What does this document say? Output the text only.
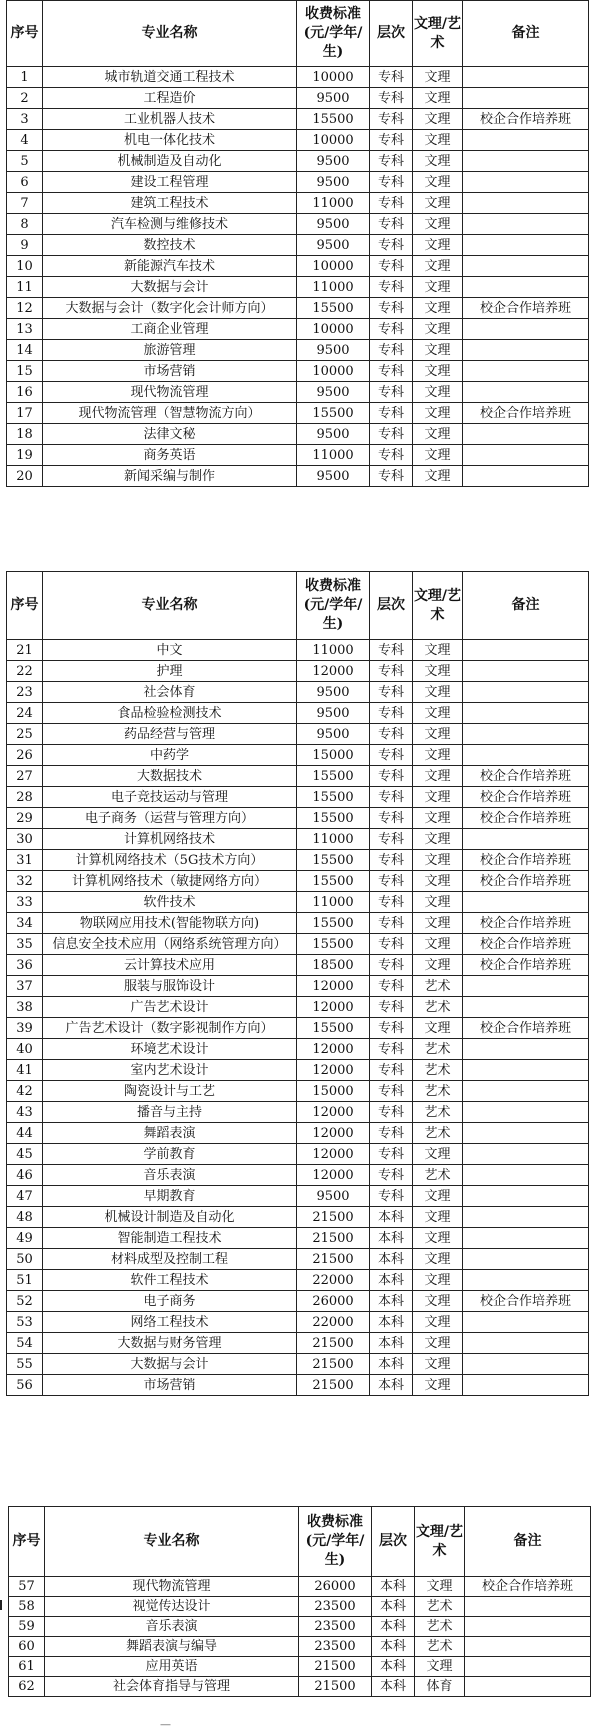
序号	专业名称	收费标准(元/学年/生)	层次	文理/艺术	备注
1	城市轨道交通工程技术	10000	专科	文理	
2	工程造价	9500	专科	文理	
3	工业机器人技术	15500	专科	文理	校企合作培养班
4	机电一体化技术	10000	专科	文理	
5	机械制造及自动化	9500	专科	文理	
6	建设工程管理	9500	专科	文理	
7	建筑工程技术	11000	专科	文理	
8	汽车检测与维修技术	9500	专科	文理	
9	数控技术	9500	专科	文理	
10	新能源汽车技术	10000	专科	文理	
11	大数据与会计	11000	专科	文理	
12	大数据与会计（数字化会计师方向）	15500	专科	文理	校企合作培养班
13	工商企业管理	10000	专科	文理	
14	旅游管理	9500	专科	文理	
15	市场营销	10000	专科	文理	
16	现代物流管理	9500	专科	文理	
17	现代物流管理（智慧物流方向）	15500	专科	文理	校企合作培养班
18	法律文秘	9500	专科	文理	
19	商务英语	11000	专科	文理	
20	新闻采编与制作	9500	专科	文理	
序号	专业名称	收费标准(元/学年/生)	层次	文理/艺术	备注
21	中文	11000	专科	文理	
22	护理	12000	专科	文理	
23	社会体育	9500	专科	文理	
24	食品检验检测技术	9500	专科	文理	
25	药品经营与管理	9500	专科	文理	
26	中药学	15000	专科	文理	
27	大数据技术	15500	专科	文理	校企合作培养班
28	电子竞技运动与管理	15500	专科	文理	校企合作培养班
29	电子商务（运营与管理方向）	15500	专科	文理	校企合作培养班
30	计算机网络技术	11000	专科	文理	
31	计算机网络技术（5G技术方向）	15500	专科	文理	校企合作培养班
32	计算机网络技术（敏捷网络方向）	15500	专科	文理	校企合作培养班
33	软件技术	11000	专科	文理	
34	物联网应用技术(智能物联方向)	15500	专科	文理	校企合作培养班
35	信息安全技术应用（网络系统管理方向）	15500	专科	文理	校企合作培养班
36	云计算技术应用	18500	专科	文理	校企合作培养班
37	服装与服饰设计	12000	专科	艺术	
38	广告艺术设计	12000	专科	艺术	
39	广告艺术设计（数字影视制作方向）	15500	专科	文理	校企合作培养班
40	环境艺术设计	12000	专科	艺术	
41	室内艺术设计	12000	专科	艺术	
42	陶瓷设计与工艺	15000	专科	艺术	
43	播音与主持	12000	专科	艺术	
44	舞蹈表演	12000	专科	艺术	
45	学前教育	12000	专科	文理	
46	音乐表演	12000	专科	艺术	
47	早期教育	9500	专科	文理	
48	机械设计制造及自动化	21500	本科	文理	
49	智能制造工程技术	21500	本科	文理	
50	材料成型及控制工程	21500	本科	文理	
51	软件工程技术	22000	本科	文理	
52	电子商务	26000	本科	文理	校企合作培养班
53	网络工程技术	22000	本科	文理	
54	大数据与财务管理	21500	本科	文理	
55	大数据与会计	21500	本科	文理	
56	市场营销	21500	本科	文理	
序号	专业名称	收费标准(元/学年/生)	层次	文理/艺术	备注
57	现代物流管理	26000	本科	文理	校企合作培养班
58	视觉传达设计	23500	本科	艺术	
59	音乐表演	23500	本科	艺术	
60	舞蹈表演与编导	23500	本科	艺术	
61	应用英语	21500	本科	文理	
62	社会体育指导与管理	21500	本科	体育	
—
